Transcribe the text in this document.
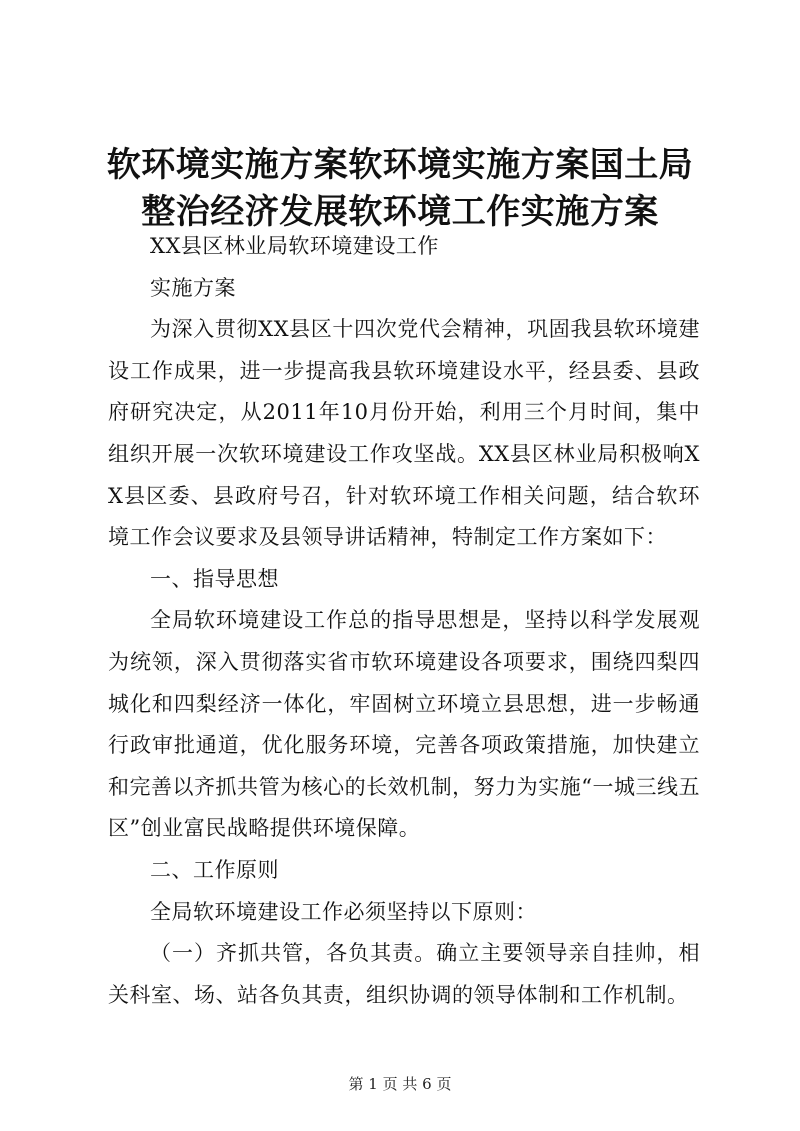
软环境实施方案软环境实施方案国土局整治经济发展软环境工作实施方案

XX县区林业局软环境建设工作

实施方案

为深入贯彻XX县区十四次党代会精神，巩固我县软环境建设工作成果，进一步提高我县软环境建设水平，经县委、县政府研究决定，从2011年10月份开始，利用三个月时间，集中组织开展一次软环境建设工作攻坚战。XX县区林业局积极响XX县区委、县政府号召，针对软环境工作相关问题，结合软环境工作会议要求及县领导讲话精神，特制定工作方案如下：

一、指导思想

全局软环境建设工作总的指导思想是，坚持以科学发展观为统领，深入贯彻落实省市软环境建设各项要求，围绕四梨四城化和四梨经济一体化，牢固树立环境立县思想，进一步畅通行政审批通道，优化服务环境，完善各项政策措施，加快建立和完善以齐抓共管为核心的长效机制，努力为实施“一城三线五区”创业富民战略提供环境保障。

二、工作原则

全局软环境建设工作必须坚持以下原则：

（一）齐抓共管，各负其责。确立主要领导亲自挂帅，相关科室、场、站各负其责，组织协调的领导体制和工作机制。

第 1 页 共 6 页
